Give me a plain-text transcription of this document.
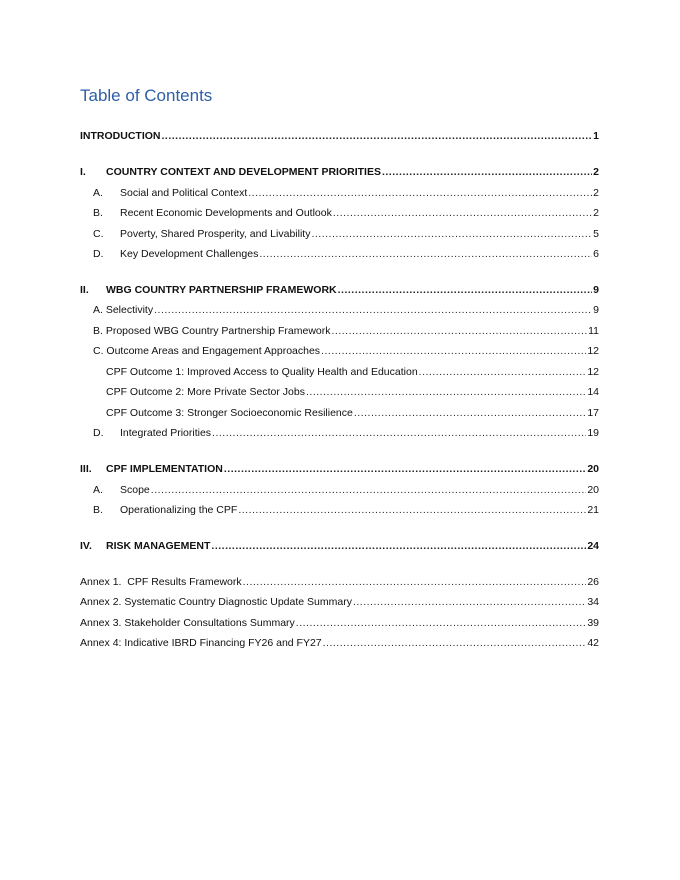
Table of Contents
INTRODUCTION .....	1
I.	COUNTRY CONTEXT AND DEVELOPMENT PRIORITIES .....	2
A.	Social and Political Context .....	2
B.	Recent Economic Developments and Outlook .....	2
C.	Poverty, Shared Prosperity, and Livability .....	5
D.	Key Development Challenges .....	6
II.	WBG COUNTRY PARTNERSHIP FRAMEWORK .....	9
A. Selectivity .....	9
B. Proposed WBG Country Partnership Framework .....	11
C. Outcome Areas and Engagement Approaches .....	12
CPF Outcome 1: Improved Access to Quality Health and Education .....	12
CPF Outcome 2: More Private Sector Jobs .....	14
CPF Outcome 3: Stronger Socioeconomic Resilience .....	17
D.	Integrated Priorities .....	19
III.	CPF IMPLEMENTATION .....	20
A.	Scope .....	20
B.	Operationalizing the CPF .....	21
IV.	RISK MANAGEMENT .....	24
Annex 1.  CPF Results Framework .....	26
Annex 2. Systematic Country Diagnostic Update Summary .....	34
Annex 3. Stakeholder Consultations Summary .....	39
Annex 4: Indicative IBRD Financing FY26 and FY27 .....	42
